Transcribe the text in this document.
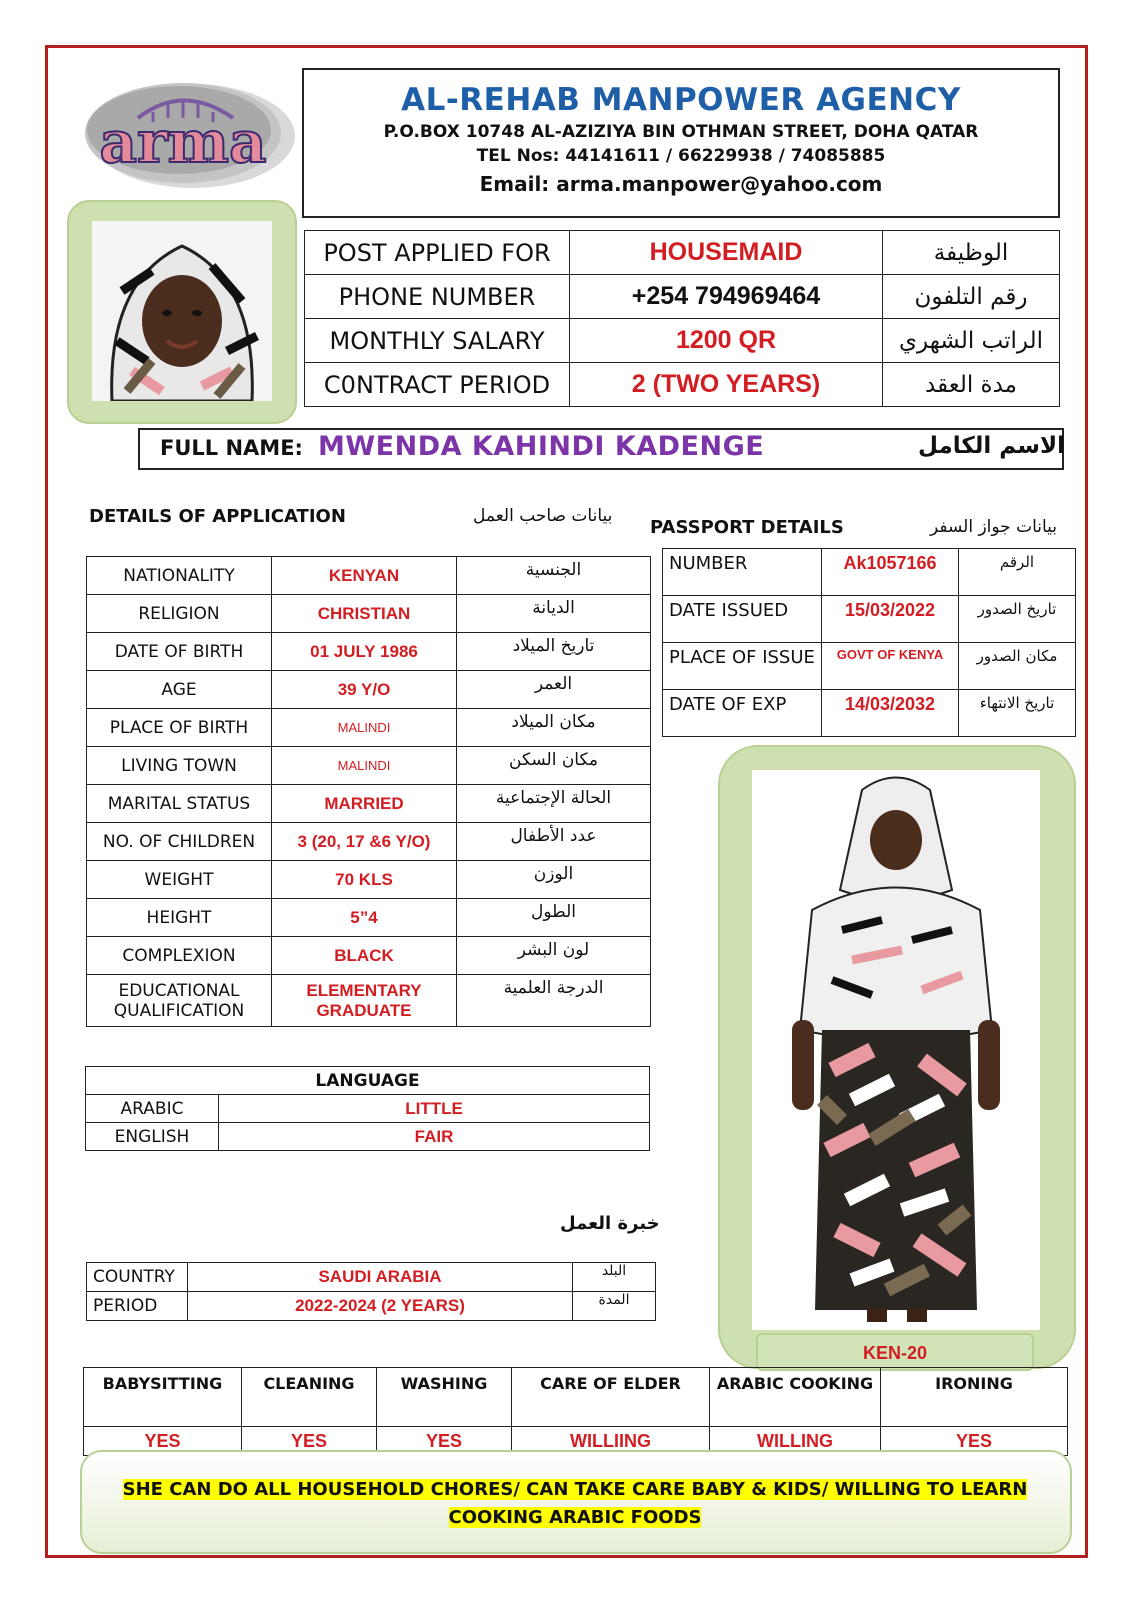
arma
AL-REHAB MANPOWER AGENCY
P.O.BOX 10748 AL-AZIZIYA BIN OTHMAN STREET, DOHA QATAR
TEL Nos: 44141611 / 66229938 / 74085885
Email: arma.manpower@yahoo.com
POST APPLIED FOR	HOUSEMAID	الوظيفة
PHONE NUMBER	+254 794969464	رقم التلفون
MONTHLY SALARY	1200 QR	الراتب الشهري
C0NTRACT PERIOD	2 (TWO YEARS)	مدة العقد
FULL NAME: MWENDA KAHINDI KADENGE	الاسم الكامل
DETAILS OF APPLICATION	بيانات صاحب العمل
NATIONALITY	KENYAN	الجنسية
RELIGION	CHRISTIAN	الديانة
DATE OF BIRTH	01 JULY 1986	تاريخ الميلاد
AGE	39 Y/O	العمر
PLACE OF BIRTH	MALINDI	مكان الميلاد
LIVING TOWN	MALINDI	مكان السكن
MARITAL STATUS	MARRIED	الحالة الإجتماعية
NO. OF CHILDREN	3 (20, 17 &6 Y/O)	عدد الأطفال
WEIGHT	70 KLS	الوزن
HEIGHT	5”4	الطول
COMPLEXION	BLACK	لون البشر
EDUCATIONAL QUALIFICATION	ELEMENTARY GRADUATE	الدرجة العلمية
PASSPORT DETAILS	بيانات جواز السفر
NUMBER	Ak1057166	الرقم
DATE ISSUED	15/03/2022	تاريخ الصدور
PLACE OF ISSUE	GOVT OF KENYA	مكان الصدور
DATE OF EXP	14/03/2032	تاريخ الانتهاء
KEN-20
LANGUAGE	
ARABIC	LITTLE
ENGLISH	FAIR
خبرة العمل
COUNTRY	SAUDI ARABIA	البلد
PERIOD	2022-2024 (2 YEARS)	المدة
BABYSITTING	CLEANING	WASHING	CARE OF ELDER	ARABIC COOKING	IRONING
YES	YES	YES	WILLIING	WILLING	YES
SHE CAN DO ALL HOUSEHOLD CHORES/ CAN TAKE CARE BABY & KIDS/ WILLING TO LEARN COOKING ARABIC FOODS
